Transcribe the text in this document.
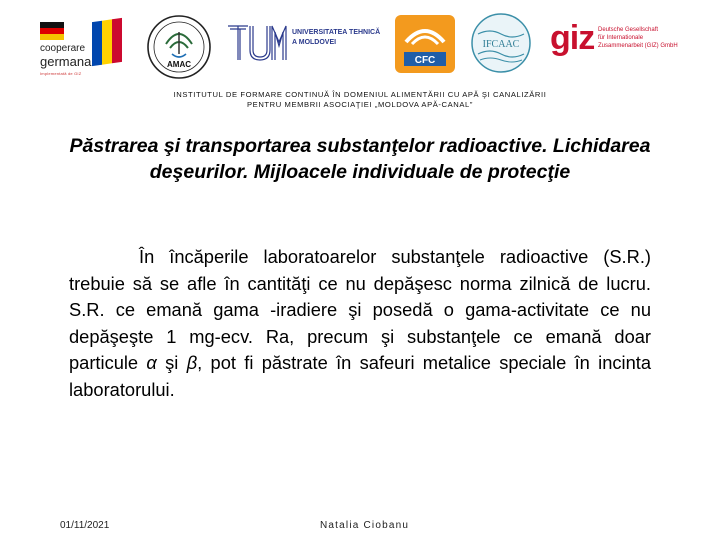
cooperare
germana
Implementată de GIZ
AMAC
UNIVERSITATEA TEHNICĂ
A MOLDOVEI
CFC
IFCAAC giz Deutsche Gesellschaft
für Internationale
Zusammenarbeit (GIZ) GmbH
INSTITUTUL DE FORMARE CONTINUĂ ÎN DOMENIUL ALIMENTĂRII CU APĂ ŞI CANALIZĂRII
PENTRU MEMBRII ASOCIAŢIEI „MOLDOVA APĂ-CANAL”
Păstrarea şi transportarea substanţelor radioactive. Lichidarea deşeurilor. Mijloacele individuale de protecţie
În încăperile laboratoarelor substanţele radioactive (S.R.) trebuie să se afle în cantităţi ce nu depăşesc norma zilnică de lucru. S.R. ce emană gama -iradiere şi posedă o gama-activitate ce nu depăşeşte 1 mg-ecv. Ra, precum şi substanţele ce emană doar particule α şi β, pot fi păstrate în safeuri metalice speciale în incinta laboratorului.
01/11/2021	Natalia Ciobanu
